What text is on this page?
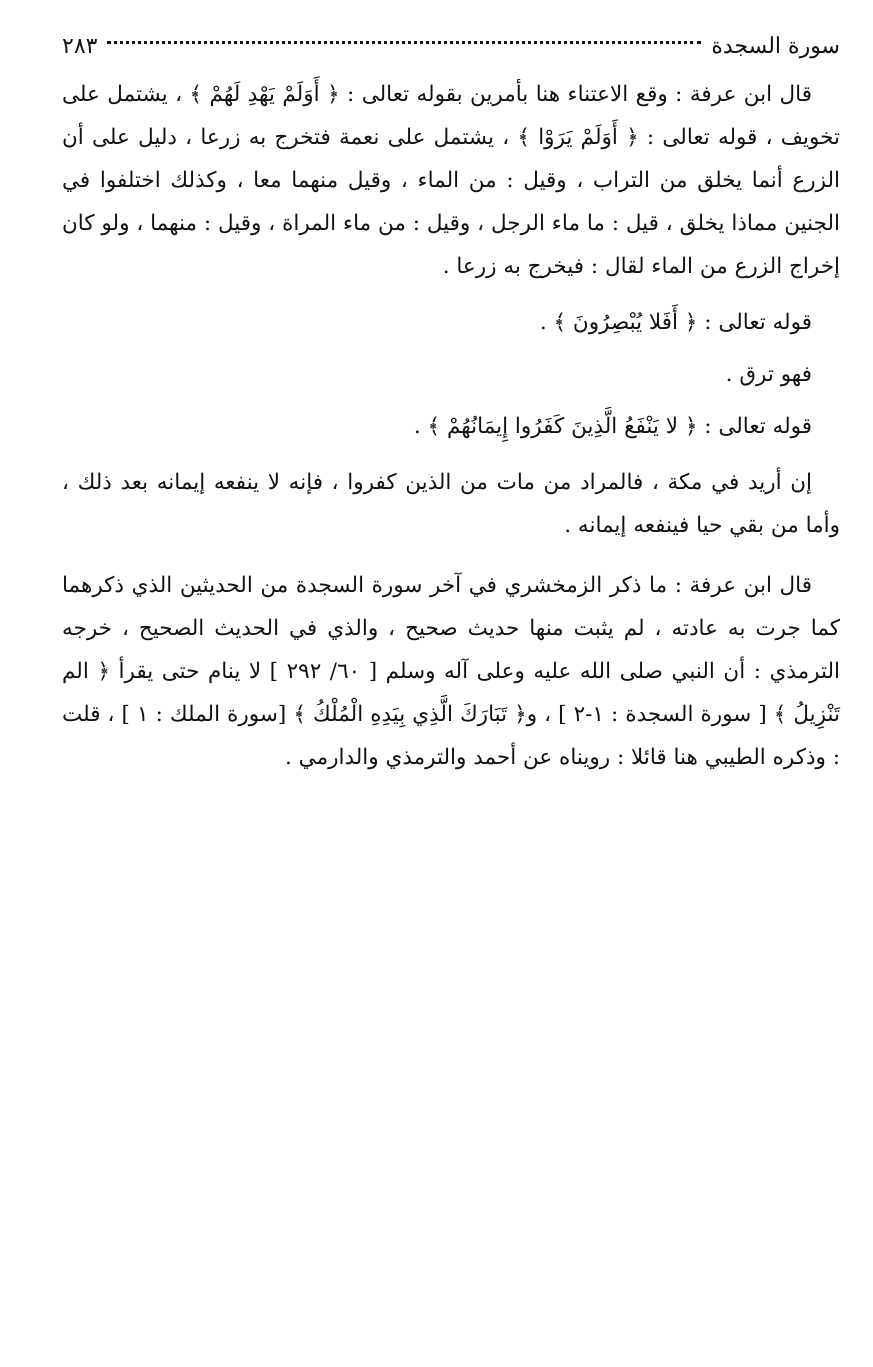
سورة السجدة
٢٨٣

قال ابن عرفة : وقع الاعتناء هنا بأمرين بقوله تعالى : ﴿ أَوَلَمْ يَهْدِ لَهُمْ ﴾ ، يشتمل على تخويف ، قوله تعالى : ﴿ أَوَلَمْ يَرَوْا ﴾ ، يشتمل على نعمة فتخرج به زرعا ، دليل على أن الزرع أنما يخلق من التراب ، وقيل : من الماء ، وقيل منهما معا ، وكذلك اختلفوا في الجنين مماذا يخلق ، قيل : ما ماء الرجل ، وقيل : من ماء المراة ، وقيل : منهما ، ولو كان إخراج الزرع من الماء لقال : فيخرج به زرعا .

قوله تعالى : ﴿ أَفَلا يُبْصِرُونَ ﴾ .

فهو ترق .

قوله تعالى : ﴿ لا يَنْفَعُ الَّذِينَ كَفَرُوا إِيمَانُهُمْ ﴾ .

إن أريد في مكة ، فالمراد من مات من الذين كفروا ، فإنه لا ينفعه إيمانه بعد ذلك ، وأما من بقي حيا فينفعه إيمانه .

قال ابن عرفة : ما ذكر الزمخشري في آخر سورة السجدة من الحديثين الذي ذكرهما كما جرت به عادته ، لم يثبت منها حديث صحيح ، والذي في الحديث الصحيح ، خرجه الترمذي : أن النبي صلى الله عليه وعلى آله وسلم [ ٦٠/ ٢٩٢ ] لا ينام حتى يقرأ ﴿ الم تَنْزِيلُ ﴾ [ سورة السجدة : ١-٢ ] ، و﴿ تَبَارَكَ الَّذِي بِيَدِهِ الْمُلْكُ ﴾ [سورة الملك : ١ ] ، قلت : وذكره الطيبي هنا قائلا : رويناه عن أحمد والترمذي والدارمي .
